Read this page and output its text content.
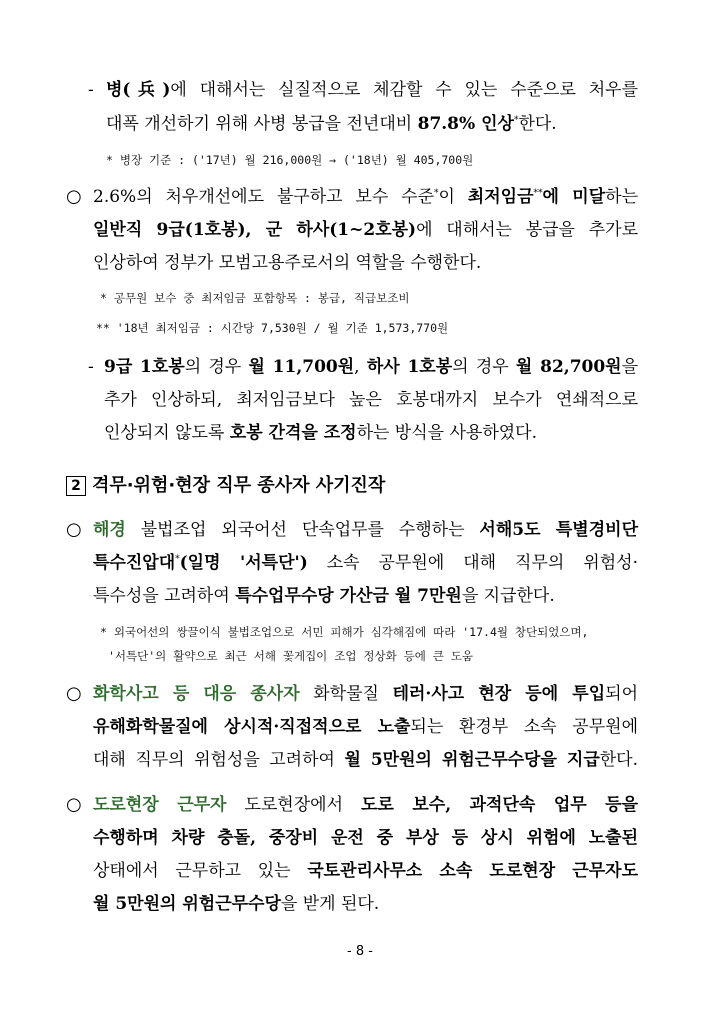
- 병(兵)에 대해서는 실질적으로 체감할 수 있는 수준으로 처우를
대폭 개선하기 위해 사병 봉급을 전년대비 87.8% 인상*한다.
* 병장 기준 : ('17년) 월 216,000원 → ('18년) 월 405,700원
○ 2.6%의 처우개선에도 불구하고 보수 수준*이 최저임금**에 미달하는
일반직 9급(1호봉), 군 하사(1~2호봉)에 대해서는 봉급을 추가로
인상하여 정부가 모범고용주로서의 역할을 수행한다.
* 공무원 보수 중 최저임금 포함항목 : 봉급, 직급보조비
** '18년 최저임금 : 시간당 7,530원 / 월 기준 1,573,770원
- 9급 1호봉의 경우 월 11,700원, 하사 1호봉의 경우 월 82,700원을
추가 인상하되, 최저임금보다 높은 호봉대까지 보수가 연쇄적으로
인상되지 않도록 호봉 간격을 조정하는 방식을 사용하였다.
2 격무·위험·현장 직무 종사자 사기진작
○ 해경 불법조업 외국어선 단속업무를 수행하는 서해5도 특별경비단
특수진압대*(일명 '서특단') 소속 공무원에 대해 직무의 위험성·
특수성을 고려하여 특수업무수당 가산금 월 7만원을 지급한다.
* 외국어선의 쌍끌이식 불법조업으로 서민 피해가 심각해짐에 따라 '17.4월 창단되었으며,
'서특단'의 활약으로 최근 서해 꽃게집이 조업 정상화 등에 큰 도움
○ 화학사고 등 대응 종사자 화학물질 테러·사고 현장 등에 투입되어
유해화학물질에 상시적·직접적으로 노출되는 환경부 소속 공무원에
대해 직무의 위험성을 고려하여 월 5만원의 위험근무수당을 지급한다.
○ 도로현장 근무자 도로현장에서 도로 보수, 과적단속 업무 등을
수행하며 차량 충돌, 중장비 운전 중 부상 등 상시 위험에 노출된
상태에서 근무하고 있는 국토관리사무소 소속 도로현장 근무자도
월 5만원의 위험근무수당을 받게 된다.
- 8 -
